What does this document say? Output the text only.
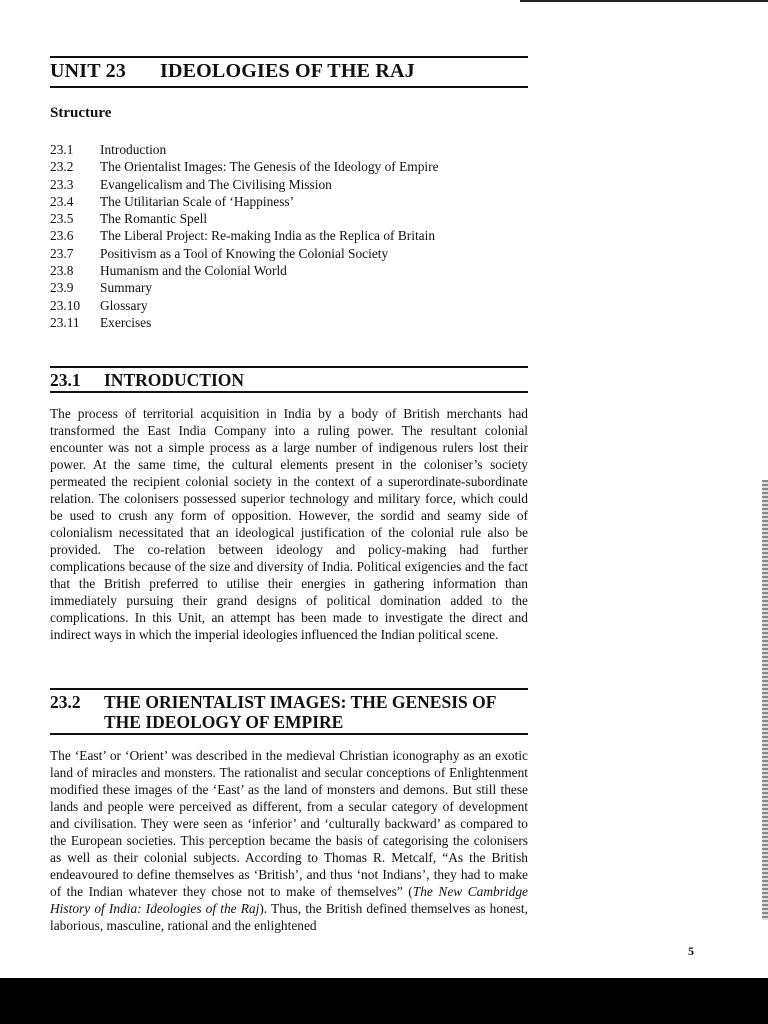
UNIT 23 IDEOLOGIES OF THE RAJ
Structure
23.1 Introduction
23.2 The Orientalist Images: The Genesis of the Ideology of Empire
23.3 Evangelicalism and The Civilising Mission
23.4 The Utilitarian Scale of ‘Happiness’
23.5 The Romantic Spell
23.6 The Liberal Project: Re-making India as the Replica of Britain
23.7 Positivism as a Tool of Knowing the Colonial Society
23.8 Humanism and the Colonial World
23.9 Summary
23.10 Glossary
23.11 Exercises
23.1 INTRODUCTION

The process of territorial acquisition in India by a body of British merchants had transformed the East India Company into a ruling power. The resultant colonial encounter was not a simple process as a large number of indigenous rulers lost their power. At the same time, the cultural elements present in the coloniser’s society permeated the recipient colonial society in the context of a superordinate-subordinate relation. The colonisers possessed superior technology and military force, which could be used to crush any form of opposition. However, the sordid and seamy side of colonialism necessitated that an ideological justification of the colonial rule also be provided. The co-relation between ideology and policy-making had further complications because of the size and diversity of India. Political exigencies and the fact that the British preferred to utilise their energies in gathering information than immediately pursuing their grand designs of political domination added to the complications. In this Unit, an attempt has been made to investigate the direct and indirect ways in which the imperial ideologies influenced the Indian political scene.

23.2 THE ORIENTALIST IMAGES: THE GENESIS OF THE IDEOLOGY OF EMPIRE

The ‘East’ or ‘Orient’ was described in the medieval Christian iconography as an exotic land of miracles and monsters. The rationalist and secular conceptions of Enlightenment modified these images of the ‘East’ as the land of monsters and demons. But still these lands and people were perceived as different, from a secular category of development and civilisation. They were seen as ‘inferior’ and ‘culturally backward’ as compared to the European societies. This perception became the basis of categorising the colonisers as well as their colonial subjects. According to Thomas R. Metcalf, “As the British endeavoured to define themselves as ‘British’, and thus ‘not Indians’, they had to make of the Indian whatever they chose not to make of themselves” (The New Cambridge History of India: Ideologies of the Raj). Thus, the British defined themselves as honest, laborious, masculine, rational and the enlightened

5
